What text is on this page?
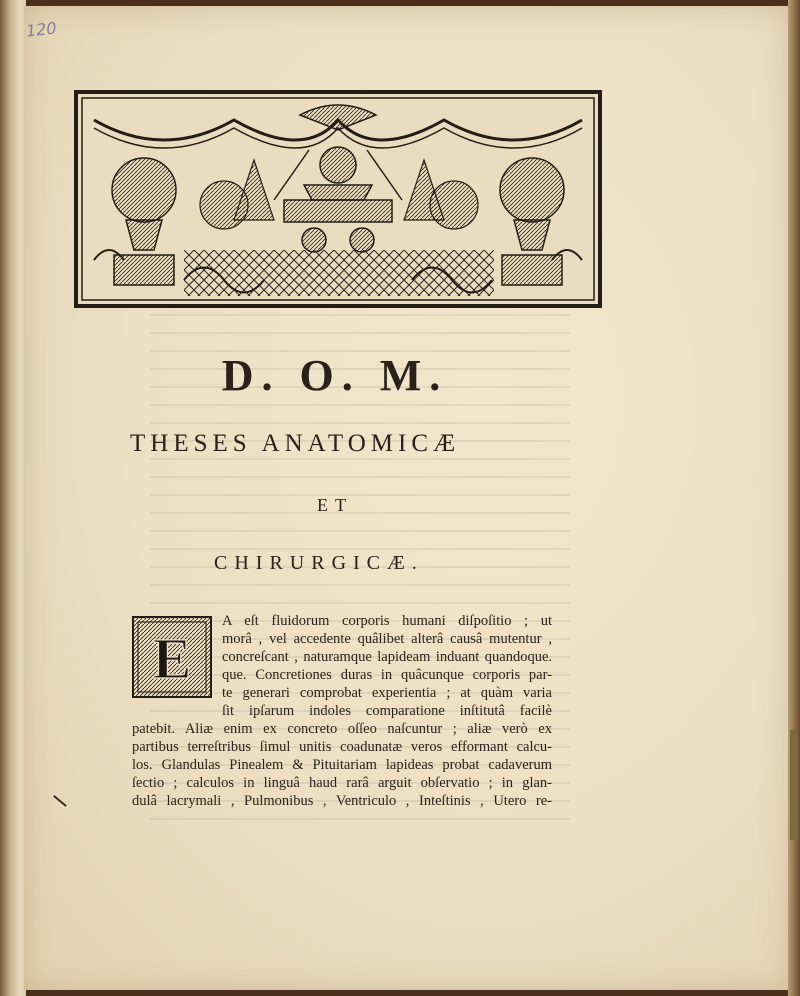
120
D. O. M.
THESES ANATOMICÆ
ET
CHIRURGICÆ.
E
A eſt fluidorum corporis humani diſpoſitio ; ut
morâ , vel accedente quâlibet alterâ causâ mutentur ,
concreſcant , naturamque lapideam induant quandoque.
que. Concretiones duras in quâcunque corporis par-
te generari comprobat experientia ; at quàm varia
ſit ipſarum indoles comparatione inſtitutâ facilè
patebit. Aliæ enim ex concreto oſſeo naſcuntur ; aliæ verò ex
partibus terreſtribus ſimul unitis coadunatæ veros efformant calcu-
los. Glandulas Pinealem & Pituitariam lapideas probat cadaverum
ſectio ; calculos in linguâ haud rarâ arguit obſervatio ; in glan-
dulâ lacrymali , Pulmonibus , Ventriculo , Inteſtinis , Utero re-
